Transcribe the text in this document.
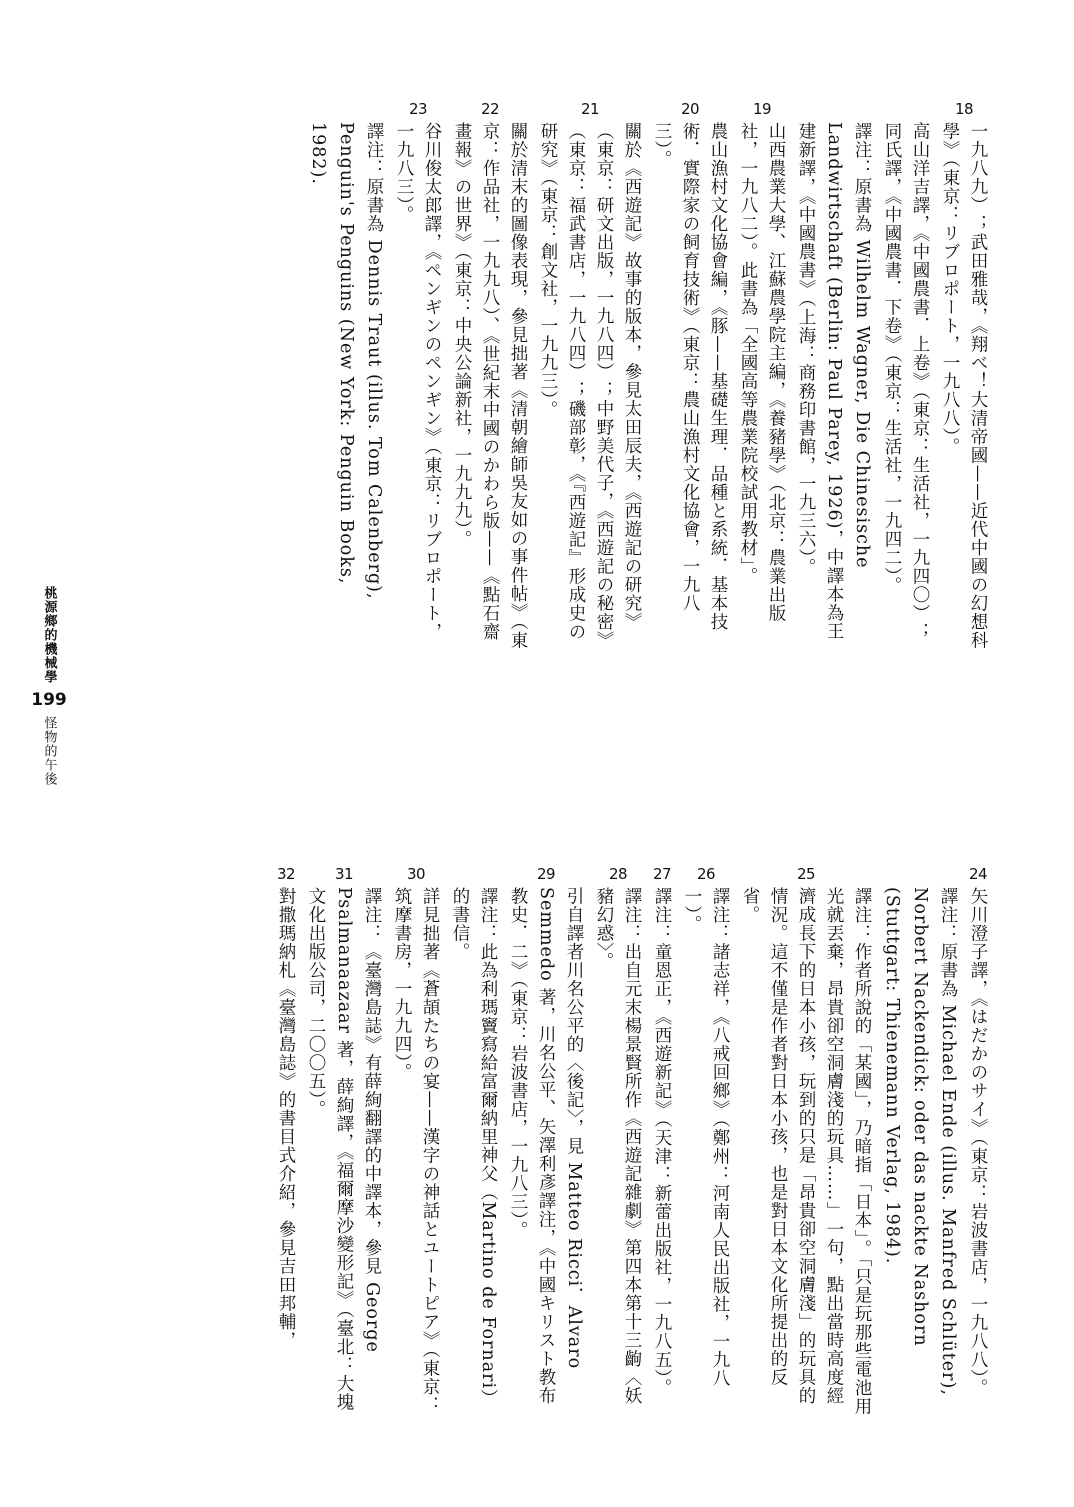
18
一九八九）；武田雅哉，《翔べ！大清帝國——近代中國の幻想科學》（東京：リブロポート，一九八八）。
高山洋吉譯，《中國農書．上卷》（東京：生活社，一九四〇）；同氏譯，《中國農書．下卷》（東京：生活社，一九四二）。
譯注：原書為 Wilhelm Wagner, Die Chinesische Landwirtschaft (Berlin: Paul Parey, 1926)，中譯本為王建新譯，《中國農書》（上海：商務印書館，一九三六）。
19
山西農業大學、江蘇農學院主編，《養豬學》（北京：農業出版社，一九八二）。此書為「全國高等農業院校試用教材」。
20
農山漁村文化協會編，《豚——基礎生理．品種と系統．基本技術．實際家の飼育技術》（東京：農山漁村文化協會，一九八三）。
21
關於《西遊記》故事的版本，參見太田辰夫，《西遊記の研究》（東京：研文出版，一九八四）；中野美代子，《西遊記の秘密》（東京：福武書店，一九八四）；磯部彰，《『西遊記』形成史の研究》（東京：創文社，一九九三）。
22
關於清末的圖像表現，參見拙著《清朝繪師吳友如の事件帖》（東京：作品社，一九九八）、《世紀末中國のかわら版——《點石齋畫報》の世界》（東京：中央公論新社，一九九九）。
23
谷川俊太郎譯，《ペンギンのペンギン》（東京：リブロポート，一九八三）。
譯注：原書為 Dennis Traut (illus. Tom Calenberg), Penguin's Penguins (New York: Penguin Books, 1982).
24
矢川澄子譯，《はだかのサイ》（東京：岩波書店，一九八八）。
譯注：原書為 Michael Ende (illus. Manfred Schlüter), Norbert Nackendick: oder das nackte Nashorn (Stuttgart: Thienemann Verlag, 1984).
25
譯注：作者所說的「某國」，乃暗指「日本」。「只是玩那些電池用光就丟棄，昂貴卻空洞膚淺的玩具……」一句，點出當時高度經濟成長下的日本小孩，玩到的只是「昂貴卻空洞膚淺」的玩具的情況。這不僅是作者對日本小孩，也是對日本文化所提出的反省。
26
譯注：諸志祥，《八戒回鄉》（鄭州：河南人民出版社，一九八一）。
27
譯注：童恩正，《西遊新記》（天津：新蕾出版社，一九八五）。
28
譯注：出自元末楊景賢所作《西遊記雜劇》第四本第十三齣〈妖豬幻惑〉。
29
引自譯者川名公平的〈後記〉，見 Matteo Ricci．Alvaro Semmedo 著，川名公平、矢澤利彥譯注，《中國キリスト教布教史．二》（東京：岩波書店，一九八三）。
譯注：此為利瑪竇寫給富爾納里神父（Martino de Fornari）的書信。
30
詳見拙著《蒼頡たちの宴——漢字の神話とユートピア》（東京：筑摩書房，一九九四）。
31
譯注：《臺灣島誌》有薛絢翻譯的中譯本，參見 George Psalmanaazaar 著，薛絢譯，《福爾摩沙變形記》（臺北：大塊文化出版公司，二〇〇五）。
32
對撒瑪納札《臺灣島誌》的書目式介紹，參見吉田邦輔，
桃源鄉的機械學
199
怪物的午後
